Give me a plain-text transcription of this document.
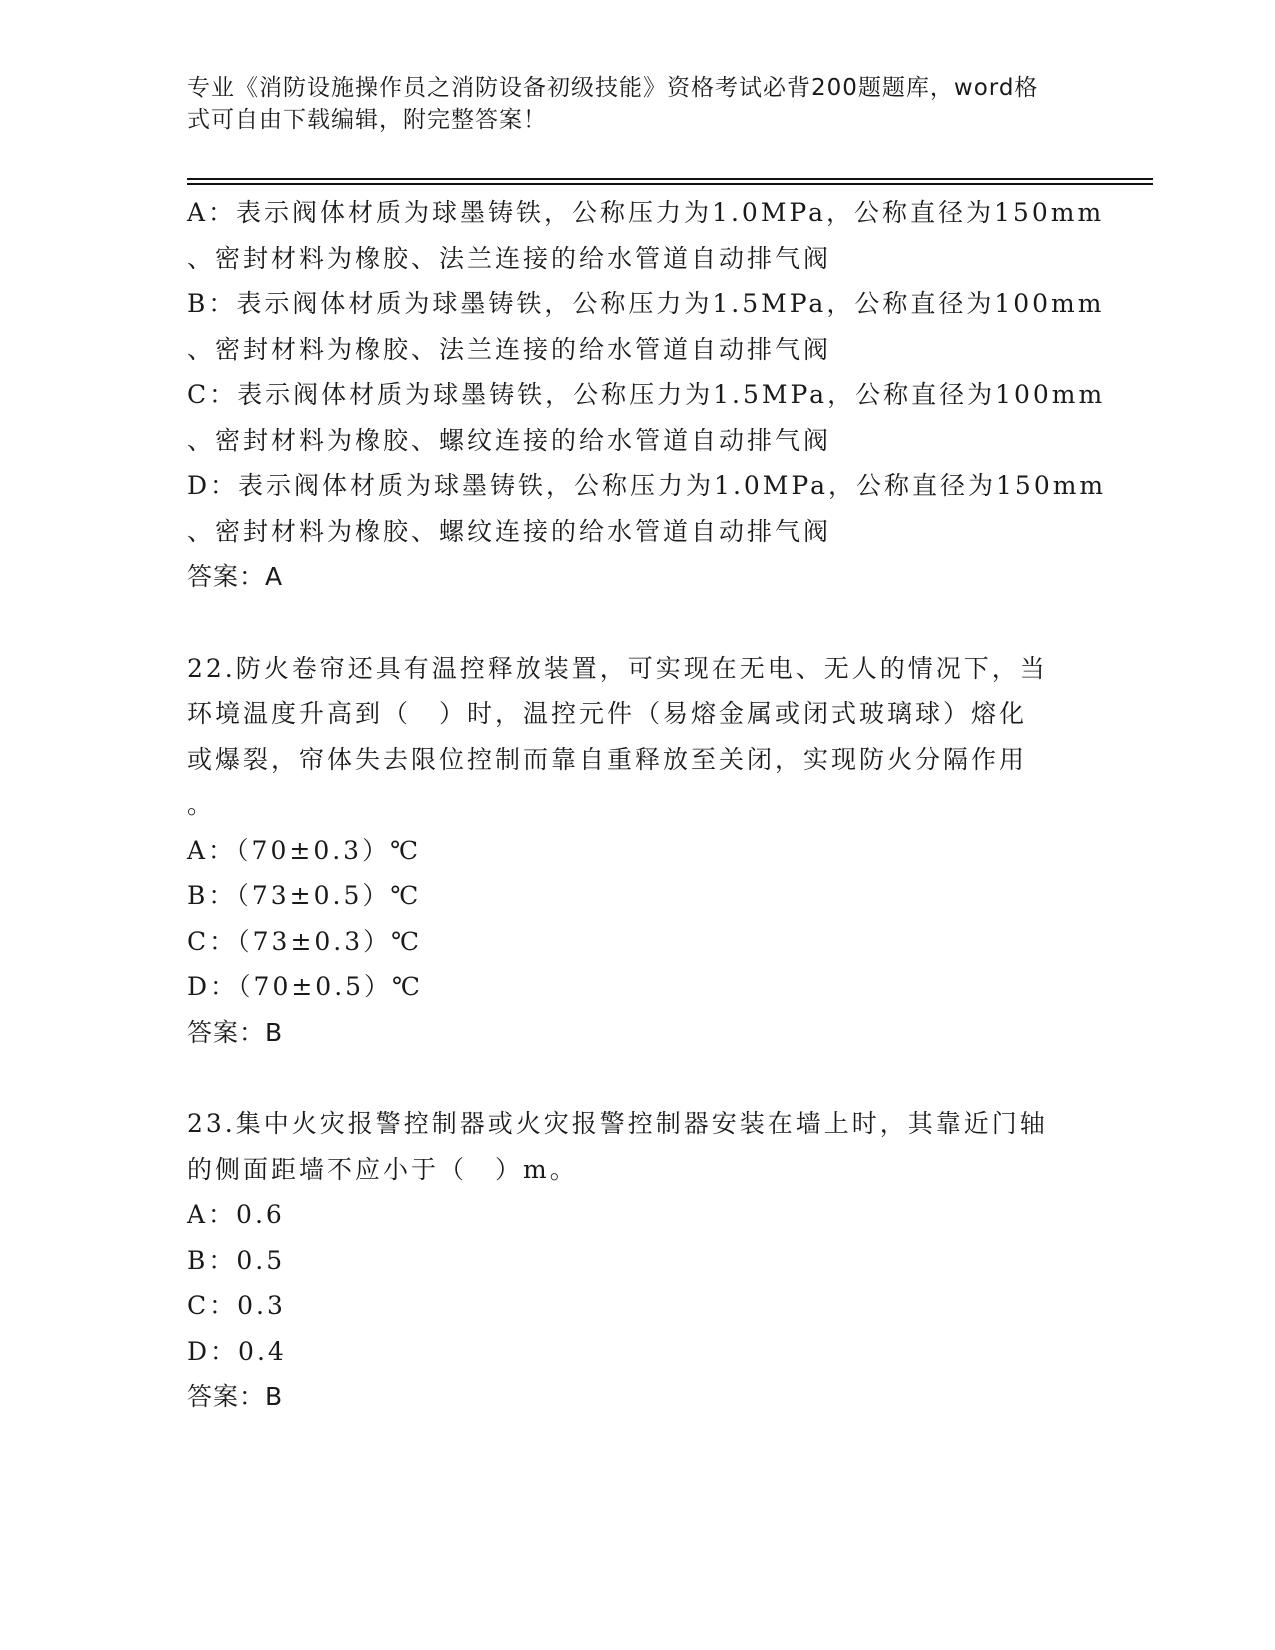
专业《消防设施操作员之消防设备初级技能》资格考试必背200题题库，word格
式可自由下载编辑，附完整答案！
A：表示阀体材质为球墨铸铁，公称压力为1.0MPa，公称直径为150mm
、密封材料为橡胶、法兰连接的给水管道自动排气阀
B：表示阀体材质为球墨铸铁，公称压力为1.5MPa，公称直径为100mm
、密封材料为橡胶、法兰连接的给水管道自动排气阀
C：表示阀体材质为球墨铸铁，公称压力为1.5MPa，公称直径为100mm
、密封材料为橡胶、螺纹连接的给水管道自动排气阀
D：表示阀体材质为球墨铸铁，公称压力为1.0MPa，公称直径为150mm
、密封材料为橡胶、螺纹连接的给水管道自动排气阀
答案：A
22.防火卷帘还具有温控释放装置，可实现在无电、无人的情况下，当
环境温度升高到（　）时，温控元件（易熔金属或闭式玻璃球）熔化
或爆裂，帘体失去限位控制而靠自重释放至关闭，实现防火分隔作用
。
A：（70±0.3）℃
B：（73±0.5）℃
C：（73±0.3）℃
D：（70±0.5）℃
答案：B
23.集中火灾报警控制器或火灾报警控制器安装在墙上时，其靠近门轴
的侧面距墙不应小于（　）m。
A：0.6
B：0.5
C：0.3
D：0.4
答案：B
